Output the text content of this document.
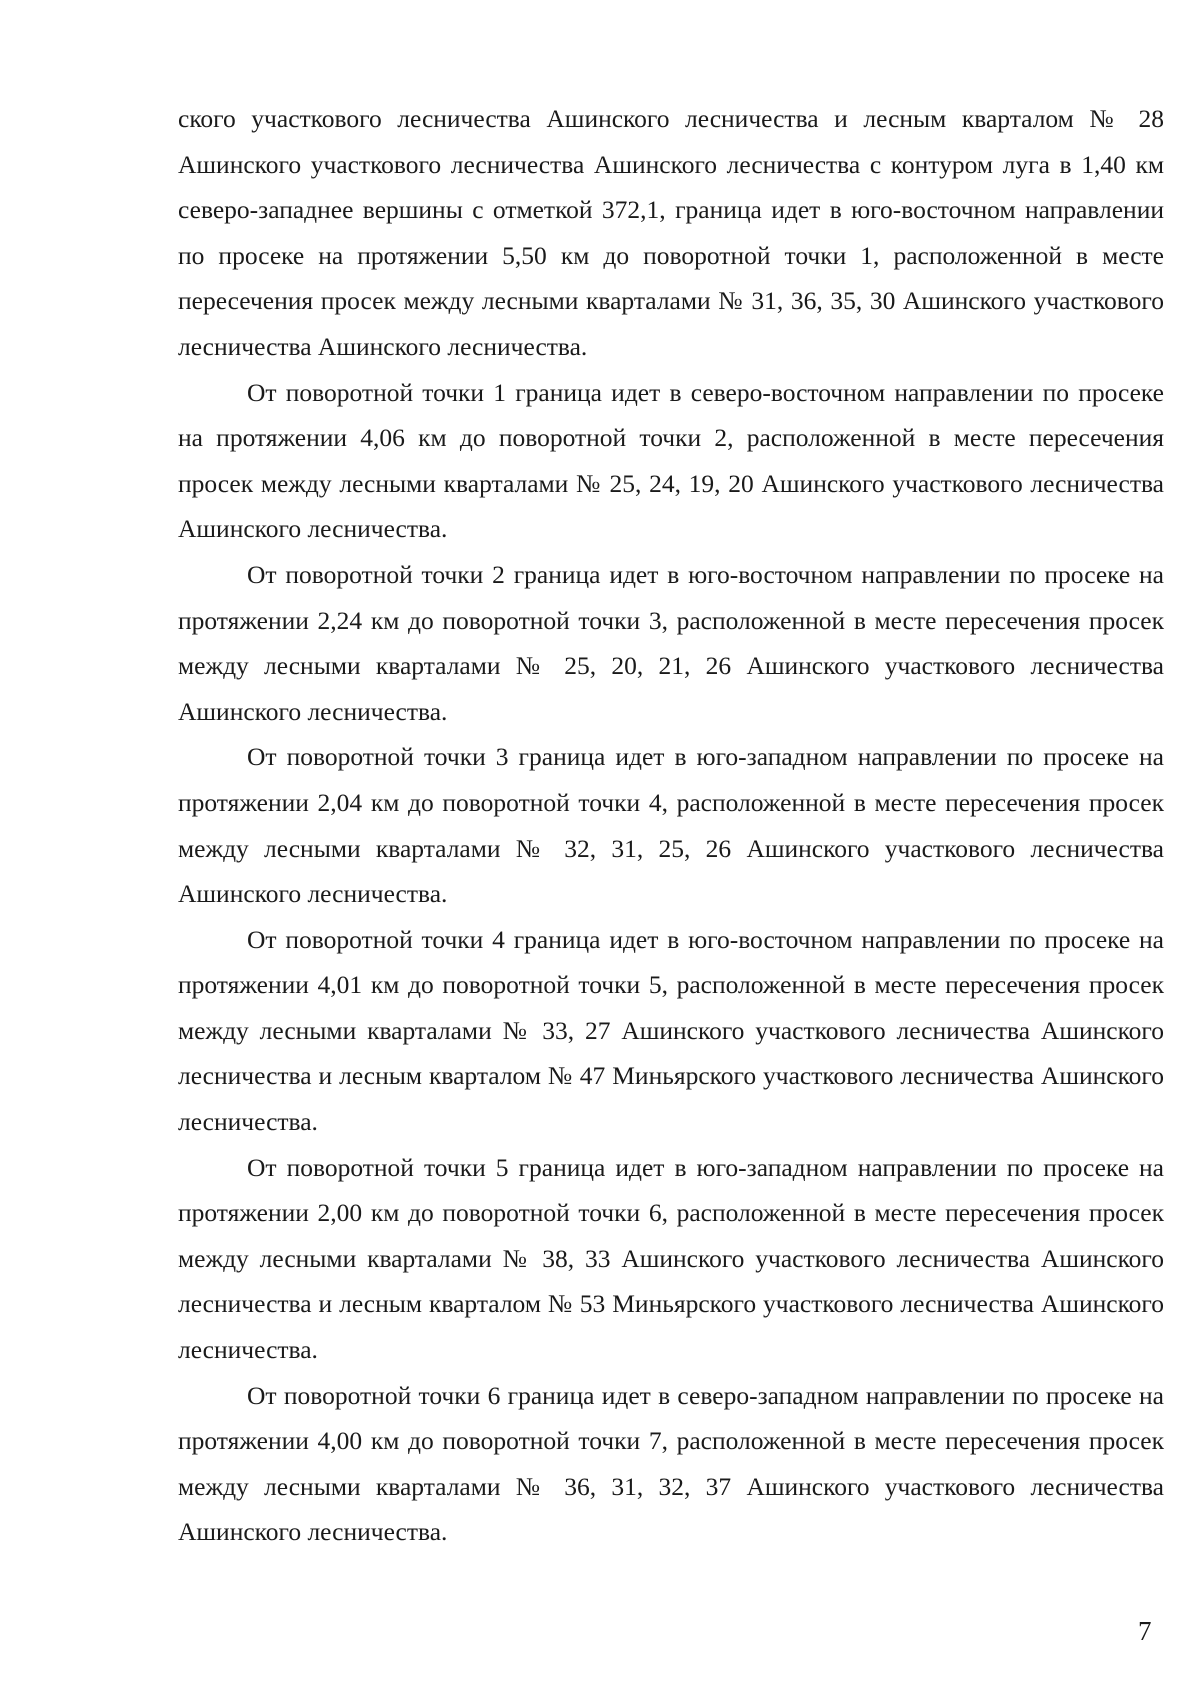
ского участкового лесничества Ашинского лесничества и лесным кварталом № 28 Ашинского участкового лесничества Ашинского лесничества с контуром луга в 1,40 км северо-западнее вершины с отметкой 372,1, граница идет в юго-восточном направлении по просеке на протяжении 5,50 км до поворотной точки 1, расположенной в месте пересечения просек между лесными кварталами № 31, 36, 35, 30 Ашинского участкового лесничества Ашинского лесничества.

От поворотной точки 1 граница идет в северо-восточном направлении по просеке на протяжении 4,06 км до поворотной точки 2, расположенной в месте пересечения просек между лесными кварталами № 25, 24, 19, 20 Ашинского участкового лесничества Ашинского лесничества.

От поворотной точки 2 граница идет в юго-восточном направлении по просеке на протяжении 2,24 км до поворотной точки 3, расположенной в месте пересечения просек между лесными кварталами № 25, 20, 21, 26 Ашинского участкового лесничества Ашинского лесничества.

От поворотной точки 3 граница идет в юго-западном направлении по просеке на протяжении 2,04 км до поворотной точки 4, расположенной в месте пересечения просек между лесными кварталами № 32, 31, 25, 26 Ашинского участкового лесничества Ашинского лесничества.

От поворотной точки 4 граница идет в юго-восточном направлении по просеке на протяжении 4,01 км до поворотной точки 5, расположенной в месте пересечения просек между лесными кварталами № 33, 27 Ашинского участкового лесничества Ашинского лесничества и лесным кварталом № 47 Миньярского участкового лесничества Ашинского лесничества.

От поворотной точки 5 граница идет в юго-западном направлении по просеке на протяжении 2,00 км до поворотной точки 6, расположенной в месте пересечения просек между лесными кварталами № 38, 33 Ашинского участкового лесничества Ашинского лесничества и лесным кварталом № 53 Миньярского участкового лесничества Ашинского лесничества.

От поворотной точки 6 граница идет в северо-западном направлении по просеке на протяжении 4,00 км до поворотной точки 7, расположенной в месте пересечения просек между лесными кварталами № 36, 31, 32, 37 Ашинского участкового лесничества Ашинского лесничества.

7
